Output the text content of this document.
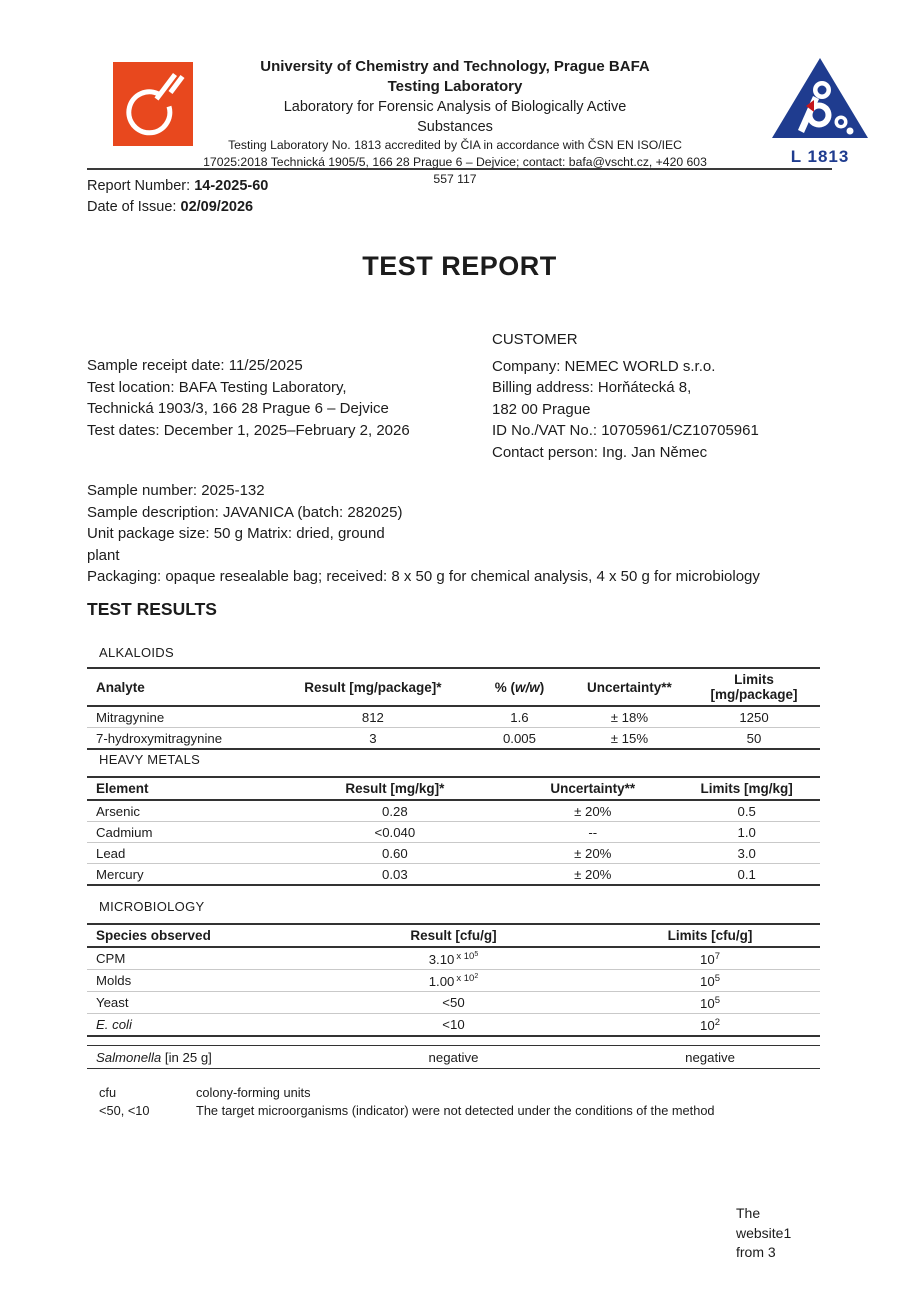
University of Chemistry and Technology, Prague BAFA
Testing Laboratory
Laboratory for Forensic Analysis of Biologically Active
Substances
Testing Laboratory No. 1813 accredited by ČIA in accordance with ČSN EN ISO/IEC
17025:2018 Technická 1905/5, 166 28 Prague 6 – Dejvice; contact: bafa@vscht.cz, +420 603
557 117
L 1813
Report Number: 14-2025-60
Date of Issue: 02/09/2026
TEST REPORT
Sample receipt date: 11/25/2025
Test location: BAFA Testing Laboratory,
Technická 1903/3, 166 28 Prague 6 – Dejvice
Test dates: December 1, 2025–February 2, 2026
CUSTOMER
Company: NEMEC WORLD s.r.o.
Billing address: Horňátecká 8,
182 00 Prague
ID No./VAT No.: 10705961/CZ10705961
Contact person: Ing. Jan Němec
Sample number: 2025-132
Sample description: JAVANICA (batch: 282025)
Unit package size: 50 g Matrix: dried, ground
plant
Packaging: opaque resealable bag; received: 8 x 50 g for chemical analysis, 4 x 50 g for microbiology
TEST RESULTS
ALKALOIDS
Analyte	Result [mg/package]*	% (w/w)	Uncertainty**	Limits [mg/package]
Mitragynine	812	1.6	± 18%	1250
7-hydroxymitragynine	3	0.005	± 15%	50
HEAVY METALS
Element	Result [mg/kg]*	Uncertainty**	Limits [mg/kg]
Arsenic	0.28	± 20%	0.5
Cadmium	<0.040	--	1.0
Lead	0.60	± 20%	3.0
Mercury	0.03	± 20%	0.1
MICROBIOLOGY
Species observed	Result [cfu/g]	Limits [cfu/g]
CPM	3.10 $^{x 10^5}$	$10^7$
Molds	1.00 $^{x 10^2}$	$10^5$
Yeast	<50	$10^5$
E. coli	<10	$10^2$
Salmonella [in 25 g]	negative	negative
cfu	colony-forming units
<50, <10	The target microorganisms (indicator) were not detected under the conditions of the method
The
website1
from 3
